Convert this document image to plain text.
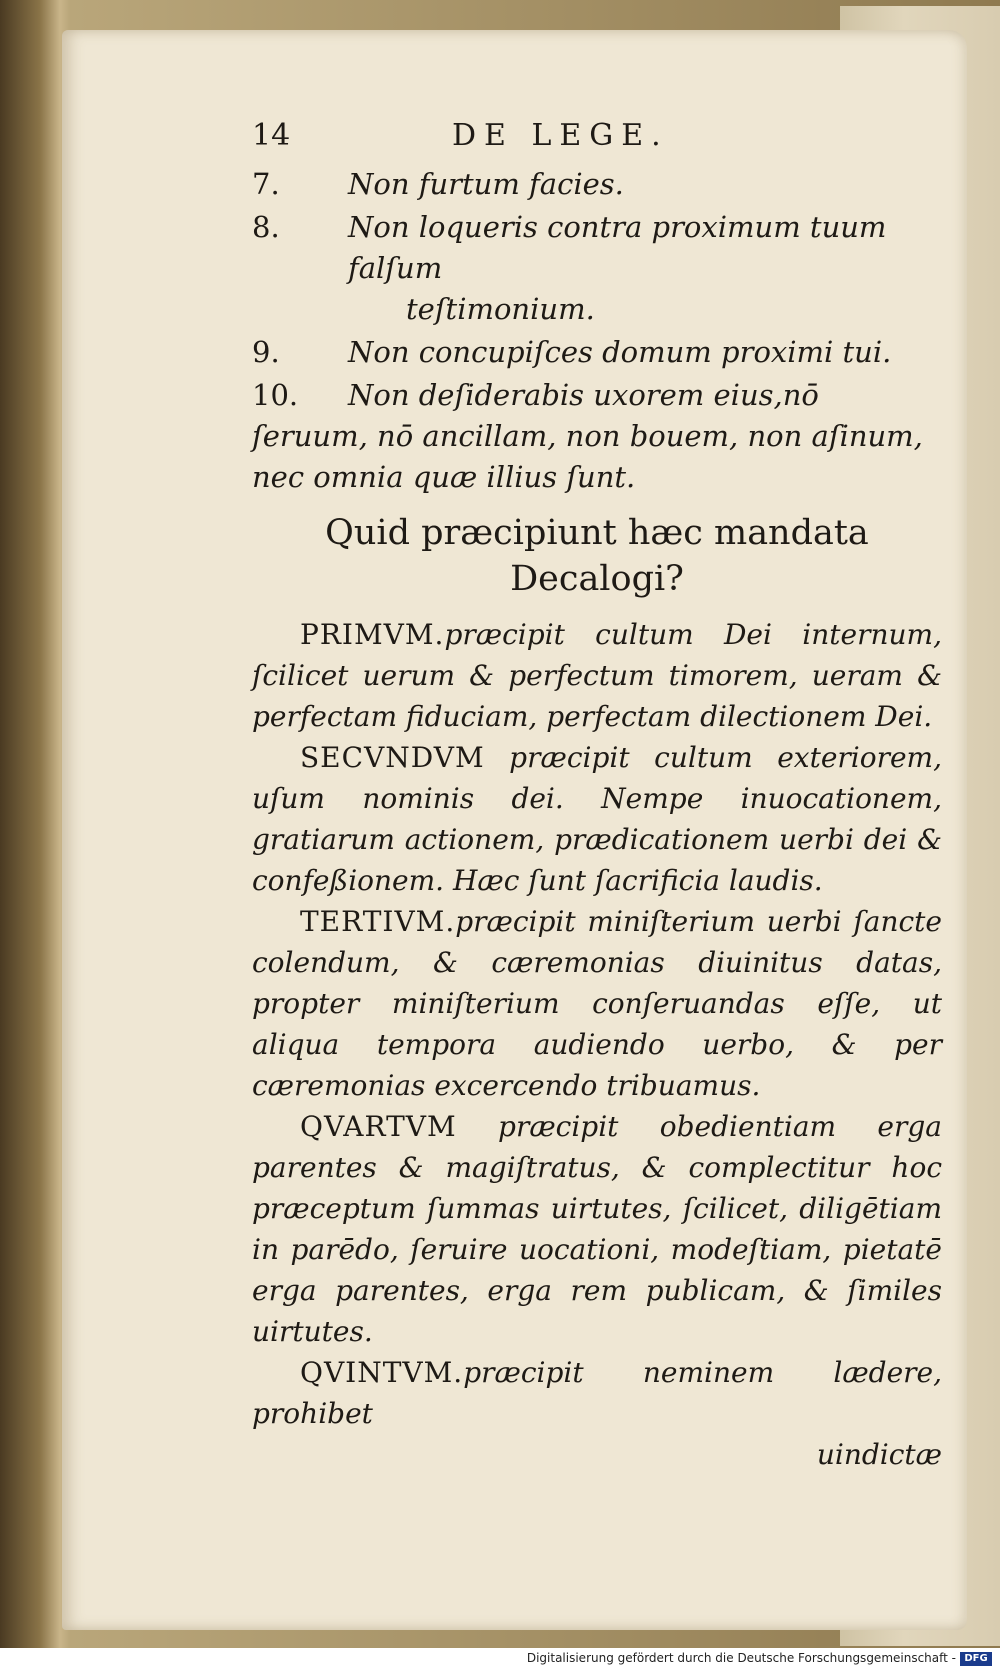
14	DE LEGE.
7.	Non furtum facies.
8.	Non loqueris contra proximum tuum falſum
teſtimonium.
9.	Non concupiſces domum proximi tui.
10.	Non deſiderabis uxorem eius,nō ſeruum, nō ancillam, non bouem, non aſinum, nec omnia quæ illius ſunt.
Quid præcipiunt hæc mandata Decalogi?

PRIMVM.præcipit cultum Dei internum, ſcilicet uerum & perfectum timorem, ueram & perfectam fiduciam, perfectam dilectionem Dei.

SECVNDVM præcipit cultum exteriorem, uſum nominis dei. Nempe inuocationem, gratiarum actionem, prædicationem uerbi dei & confeßionem. Hæc ſunt ſacrificia laudis.

TERTIVM.præcipit miniſterium uerbi ſancte colendum, & cæremonias diuinitus datas, propter miniſterium conſeruandas eſſe, ut aliqua tempora audiendo uerbo, & per cæremonias excercendo tribuamus.

QVARTVM præcipit obedientiam erga parentes & magiſtratus, & complectitur hoc præceptum ſummas uirtutes, ſcilicet, diligētiam in parēdo, ſeruire uocationi, modeſtiam, pietatē erga parentes, erga rem publicam, & ſimiles uirtutes.

QVINTVM.præcipit neminem lædere, prohibet

uindictæ

Digitalisierung gefördert durch die Deutsche Forschungsgemeinschaft - DFG
